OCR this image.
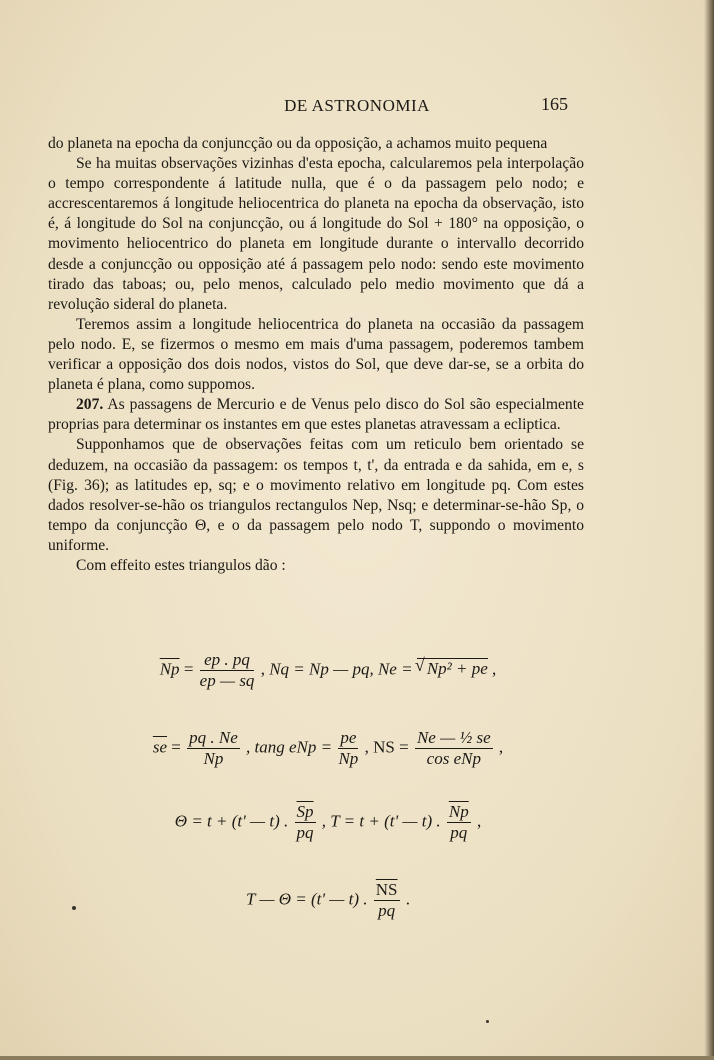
DE ASTRONOMIA	165

do planeta na epocha da conjuncção ou da opposição, a achamos muito pequena

Se ha muitas observações vizinhas d'esta epocha, calcularemos pela interpolação o tempo correspondente á latitude nulla, que é o da passagem pelo nodo; e accrescentaremos á longitude heliocentrica do planeta na epocha da observação, isto é, á longitude do Sol na conjuncção, ou á longitude do Sol + 180° na opposição, o movimento heliocentrico do planeta em longitude durante o intervallo decorrido desde a conjuncção ou opposição até á passagem pelo nodo: sendo este movimento tirado das taboas; ou, pelo menos, calculado pelo medio movimento que dá a revolução sideral do planeta.

Teremos assim a longitude heliocentrica do planeta na occasião da passagem pelo nodo. E, se fizermos o mesmo em mais d'uma passagem, poderemos tambem verificar a opposição dos dois nodos, vistos do Sol, que deve dar-se, se a orbita do planeta é plana, como suppomos.

207. As passagens de Mercurio e de Venus pelo disco do Sol são especialmente proprias para determinar os instantes em que estes planetas atravessam a ecliptica.

Supponhamos que de observações feitas com um reticulo bem orientado se deduzem, na occasião da passagem: os tempos t, t', da entrada e da sahida, em e, s (Fig. 36); as latitudes ep, sq; e o movimento relativo em longitude pq. Com estes dados resolver-se-hão os triangulos rectangulos Nep, Nsq; e determinar-se-hão Sp, o tempo da conjuncção Θ, e o da passagem pelo nodo T, suppondo o movimento uniforme.

Com effeito estes triangulos dão :

$\overline{Np} = \frac{ep . pq}{ep — sq}$ , Nq = Np — pq, Ne = √ Np² + pe ,
$\overline{se} = \frac{pq . Ne}{Np}$ , tang eNp = $\frac{pe}{Np}$ , NS = $\frac{\text{Ne — ½ se}}{\text{cos eNp}}$ ,
Θ = t + (t' — t) . $\frac{\overline{Sp}}{pq}$ , T = t + (t' — t) . $\frac{\overline{Np}}{pq}$ ,
T — Θ = (t' — t) . $\frac{\overline{NS}}{pq}$ .
